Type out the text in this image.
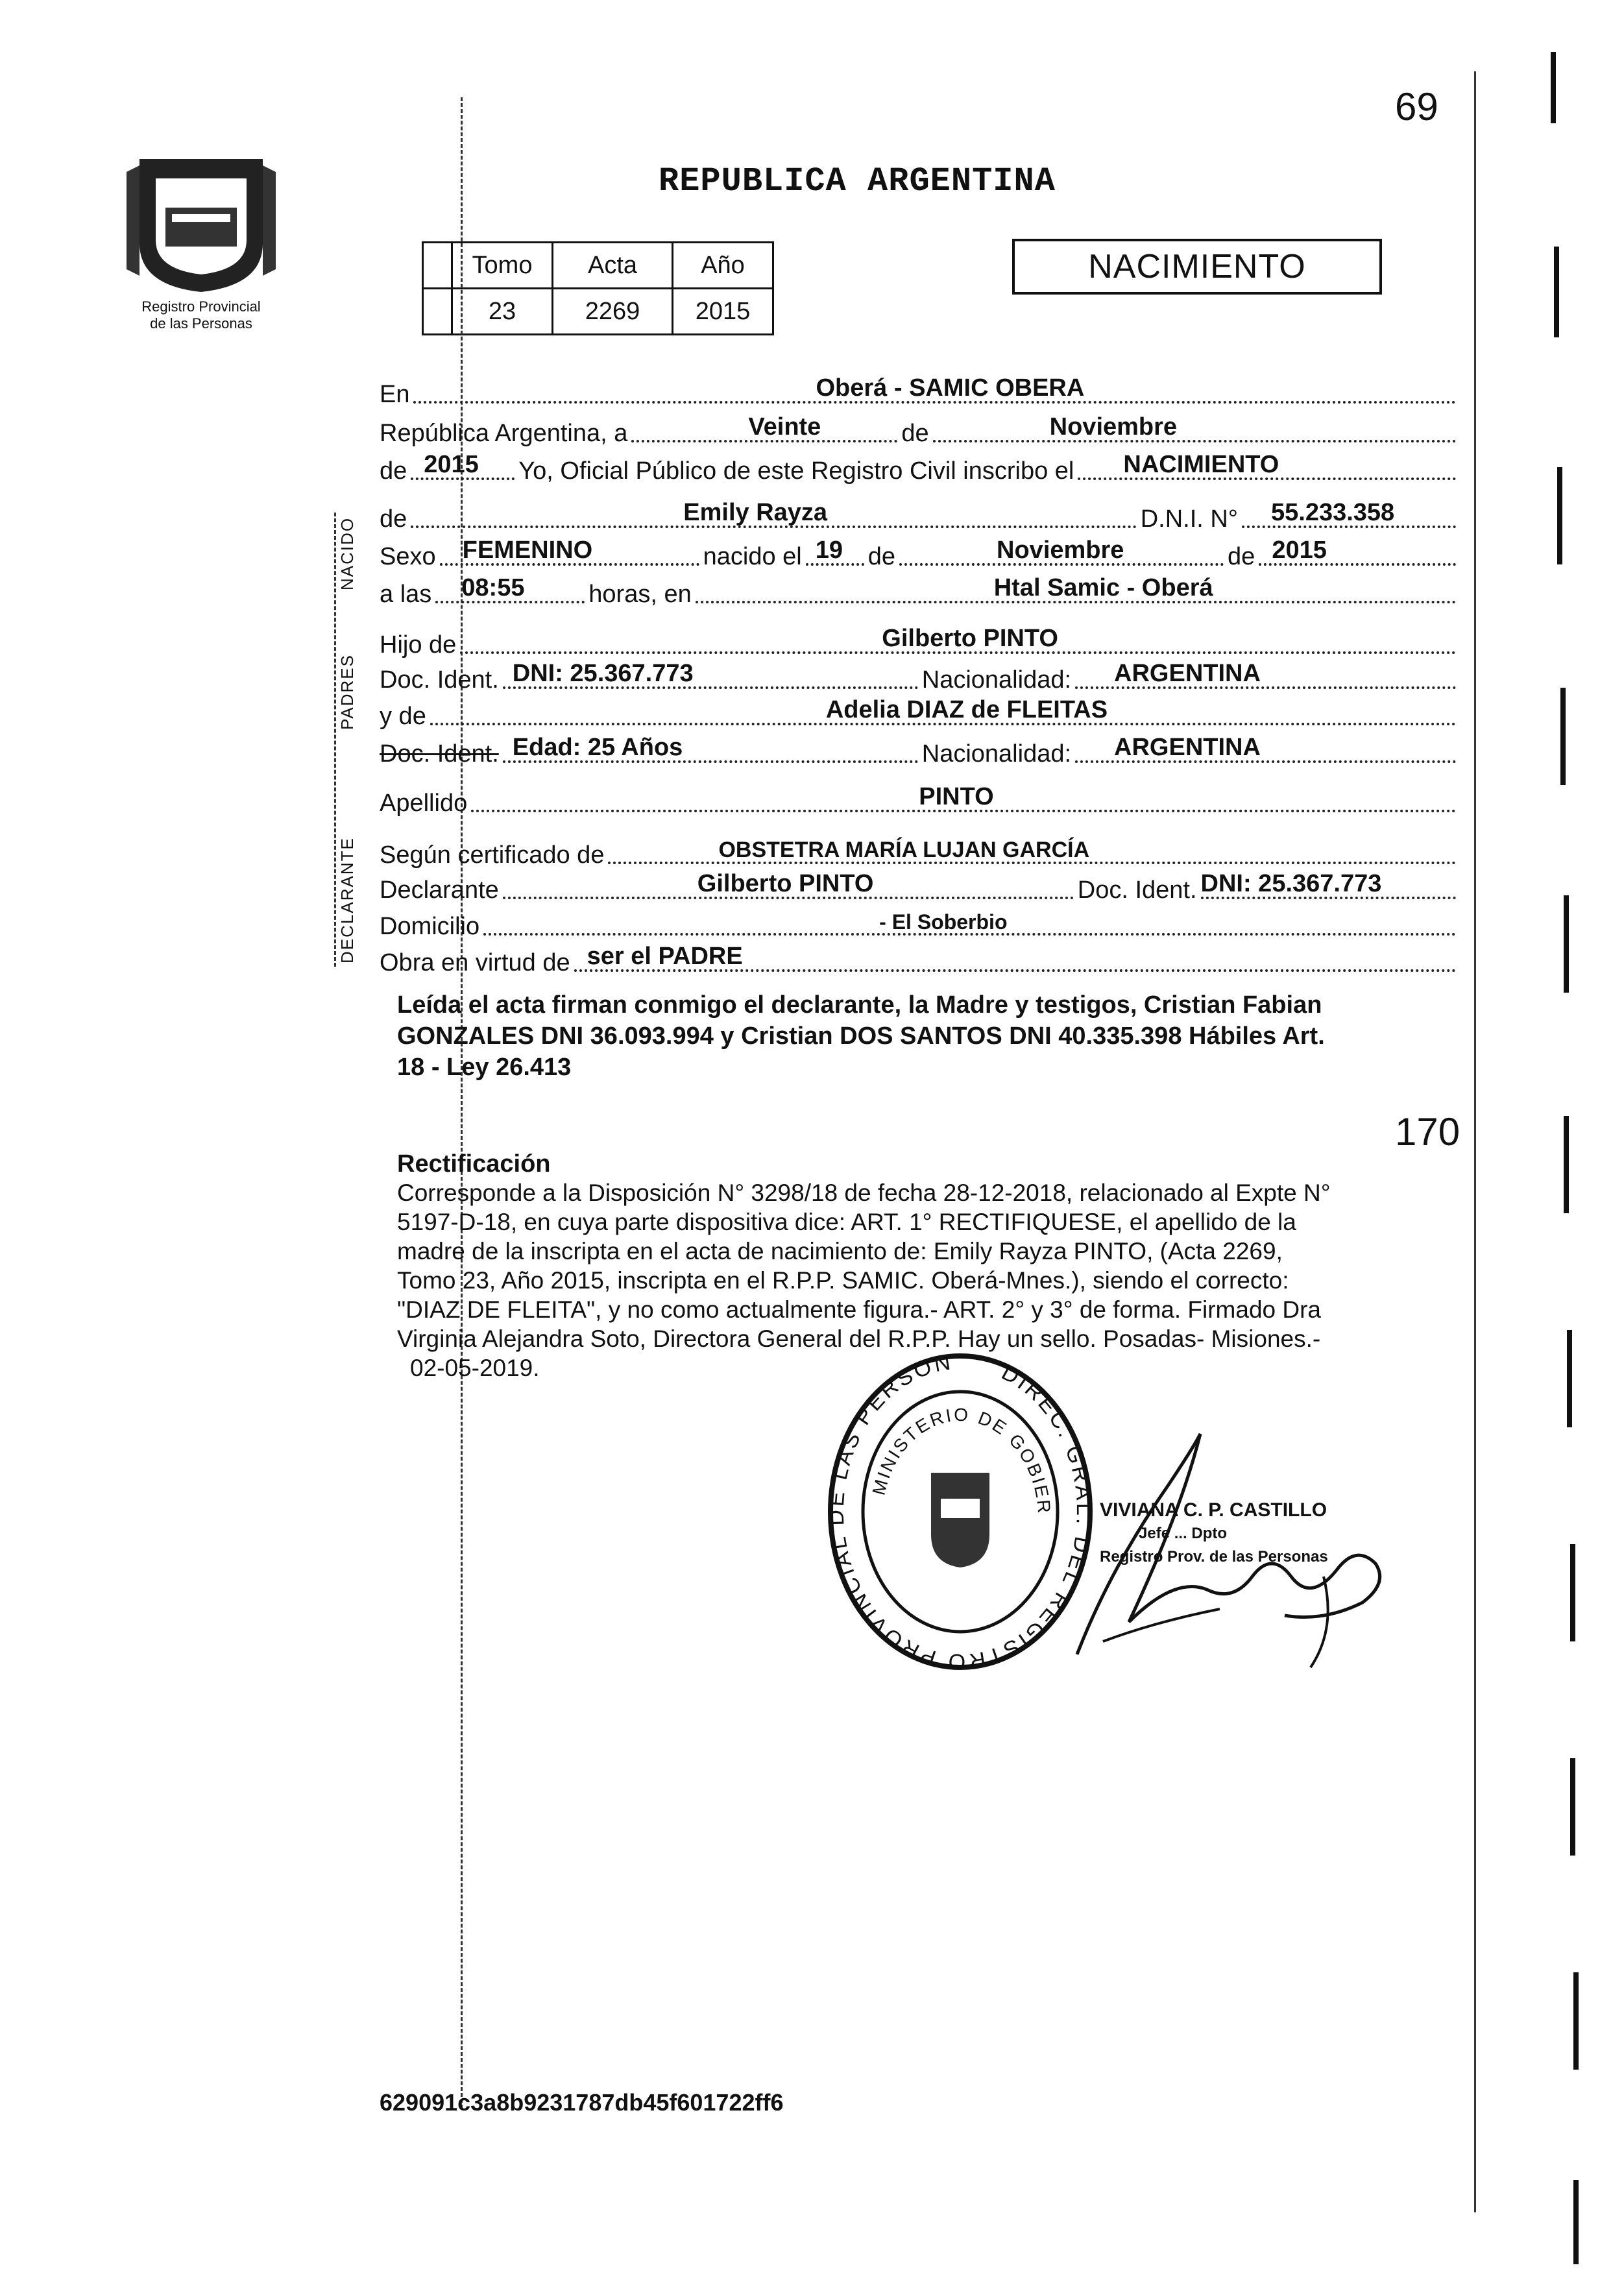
69
Registro Provincial
de las Personas
REPUBLICA ARGENTINA
	Tomo	Acta	Año
	23	2269	2015
NACIMIENTO
NACIDO
PADRES
DECLARANTE
En	Oberá - SAMIC OBERA
República Argentina, a	Veinte	de	Noviembre
de 2015 Yo, Oficial Público de este Registro Civil inscribo el NACIMIENTO
de	Emily Rayza	D.N.I. N° 55.233.358
Sexo FEMENINO	nacido el 19 de	Noviembre	de 2015
a las 08:55	horas, en	Htal Samic - Oberá
Hijo de	Gilberto PINTO
Doc. Ident. DNI: 25.367.773	Nacionalidad: ARGENTINA
y de	Adelia DIAZ de FLEITAS
Doc. Ident. Edad: 25 Años	Nacionalidad: ARGENTINA
Apellido	PINTO
Según certificado de	OBSTETRA MARÍA LUJAN GARCÍA
Declarante	Gilberto PINTO	Doc. Ident. DNI: 25.367.773
Domicilio	- El Soberbio
Obra en virtud de ser el PADRE
Leída el acta firman conmigo el declarante, la Madre y testigos, Cristian Fabian
GONZALES DNI 36.093.994 y Cristian DOS SANTOS DNI 40.335.398 Hábiles Art.
18 - Ley 26.413
170
Rectificación
Corresponde a la Disposición N° 3298/18 de fecha 28-12-2018, relacionado al Expte N°
5197-D-18, en cuya parte dispositiva dice: ART. 1° RECTIFIQUESE, el apellido de la
madre de la inscripta en el acta de nacimiento de: Emily Rayza PINTO, (Acta 2269,
Tomo 23, Año 2015, inscripta en el R.P.P. SAMIC. Oberá-Mnes.), siendo el correcto:
"DIAZ DE FLEITA", y no como actualmente figura.- ART. 2° y 3° de forma. Firmado Dra
Virginia Alejandra Soto, Directora General del R.P.P. Hay un sello. Posadas- Misiones.-
02-05-2019.	DIREC. GRAL. DEL REGISTRO PROVINCIAL DE LAS PERSON
MINISTERIO DE GOBIER VIVIANA C. P. CASTILLO
Jefe ... Dpto
Registro Prov. de las Personas
629091c3a8b9231787db45f601722ff6
